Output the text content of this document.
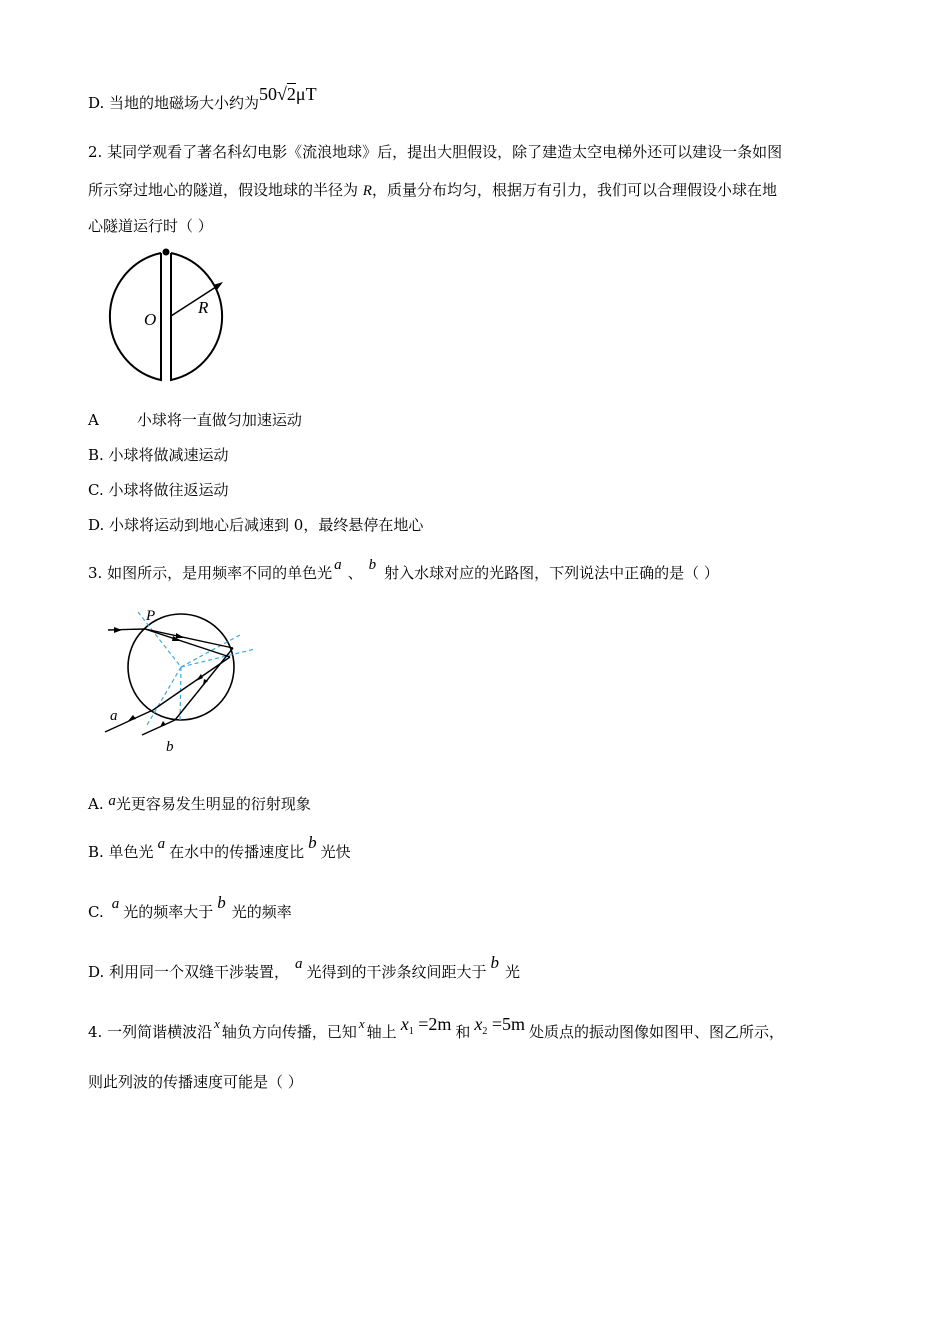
D. 当地的地磁场大小约为50√2μT
2. 某同学观看了著名科幻电影《流浪地球》后，提出大胆假设，除了建造太空电梯外还可以建设一条如图
所示穿过地心的隧道，假设地球的半径为 R，质量分布均匀，根据万有引力，我们可以合理假设小球在地
心隧道运行时（ ）
O
R
A	小球将一直做匀加速运动
B. 小球将做减速运动
C. 小球将做往返运动
D. 小球将运动到地心后减速到 0，最终悬停在地心
3. 如图所示，是用频率不同的单色光 a 、 b 射入水球对应的光路图，下列说法中正确的是（ ）
P
a
b
A. a光更容易发生明显的衍射现象
B. 单色光 a 在水中的传播速度比 b 光快
C. a 光的频率大于 b 光的频率
D. 利用同一个双缝干涉装置， a 光得到的干涉条纹间距大于 b 光
4. 一列简谐横波沿 x 轴负方向传播，已知 x 轴上 $x_1 =2m$ 和 $x_2 =5m$ 处质点的振动图像如图甲、图乙所示，
则此列波的传播速度可能是（ ）
